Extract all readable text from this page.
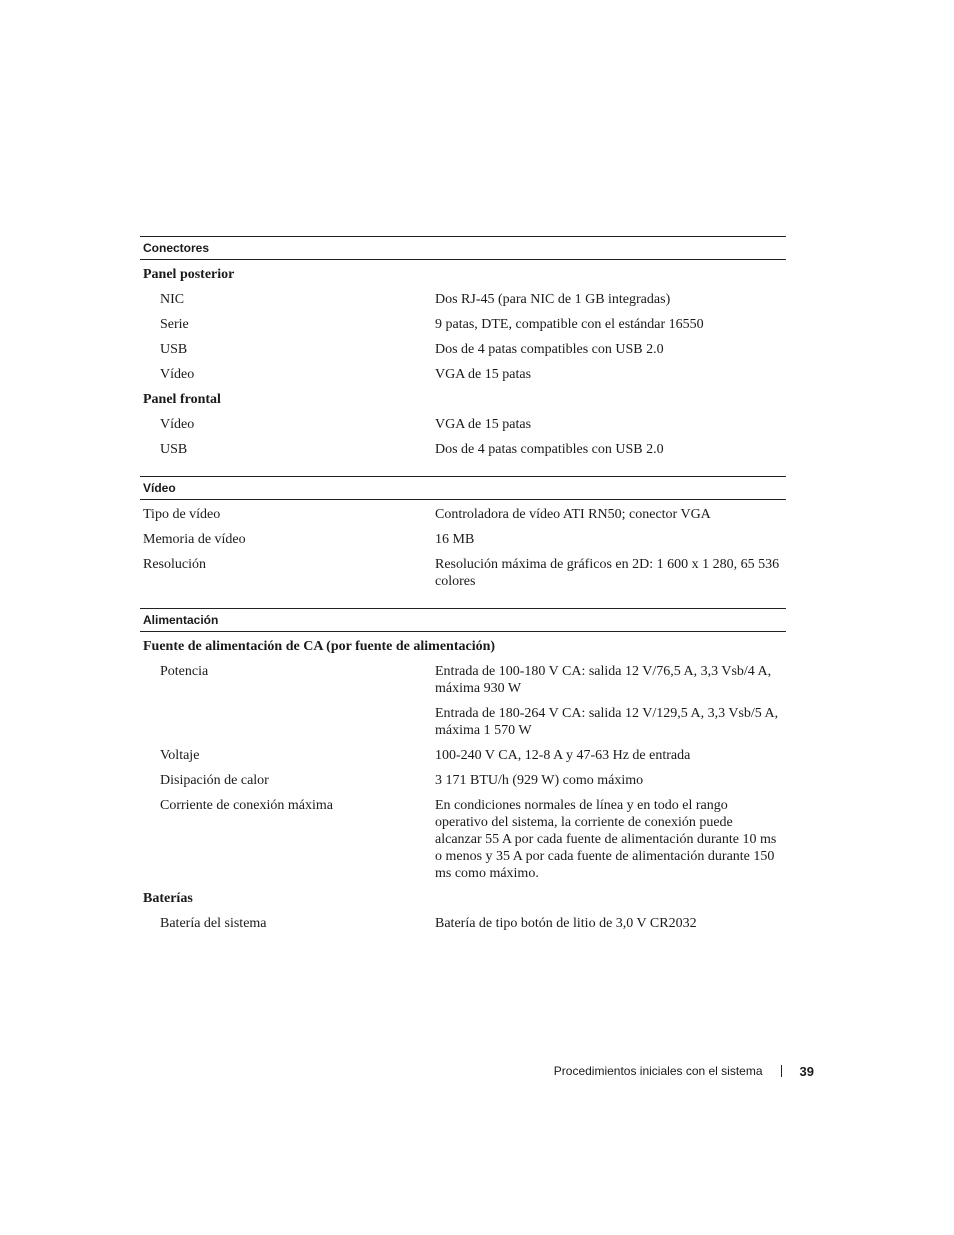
Conectores
Panel posterior
NIC	Dos RJ-45 (para NIC de 1 GB integradas)
Serie	9 patas, DTE, compatible con el estándar 16550
USB	Dos de 4 patas compatibles con USB 2.0
Vídeo	VGA de 15 patas
Panel frontal
Vídeo	VGA de 15 patas
USB	Dos de 4 patas compatibles con USB 2.0
Vídeo
Tipo de vídeo	Controladora de vídeo ATI RN50; conector VGA
Memoria de vídeo	16 MB
Resolución	Resolución máxima de gráficos en 2D: 1 600 x 1 280, 65 536 colores
Alimentación
Fuente de alimentación de CA (por fuente de alimentación)
Potencia	Entrada de 100-180 V CA: salida 12 V/76,5 A, 3,3 Vsb/4 A, máxima 930 W
Entrada de 180-264 V CA: salida 12 V/129,5 A, 3,3 Vsb/5 A, máxima 1 570 W
Voltaje	100-240 V CA, 12-8 A y 47-63 Hz de entrada
Disipación de calor	3 171 BTU/h (929 W) como máximo
Corriente de conexión máxima	En condiciones normales de línea y en todo el rango operativo del sistema, la corriente de conexión puede alcanzar 55 A por cada fuente de alimentación durante 10 ms o menos y 35 A por cada fuente de alimentación durante 150 ms como máximo.
Baterías
Batería del sistema	Batería de tipo botón de litio de 3,0 V CR2032
Procedimientos iniciales con el sistema	39
